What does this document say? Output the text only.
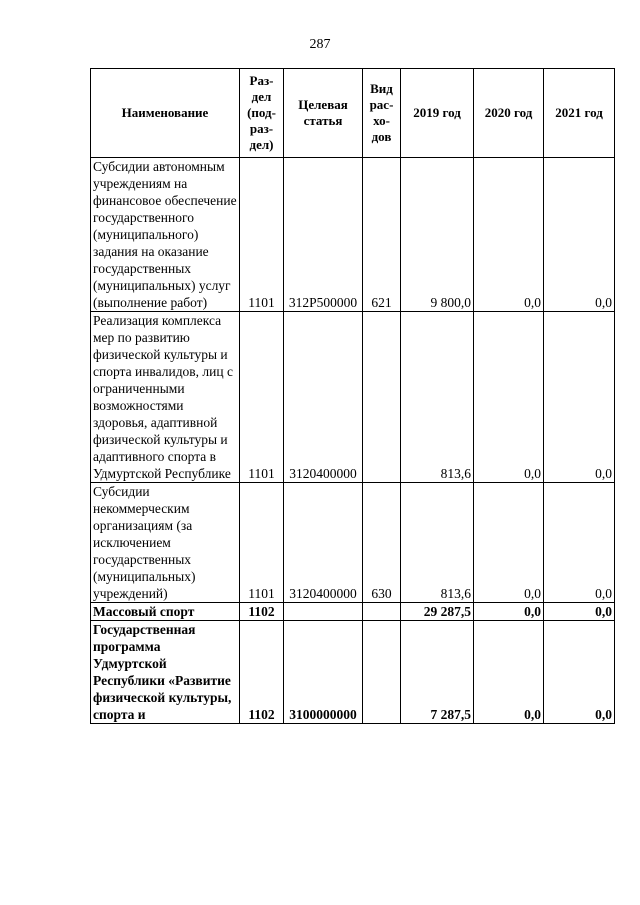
287
Наименование	Раз-
дел
(под-
раз-
дел)	Целевая
статья	Вид
рас-
хо-
дов	2019 год	2020 год	2021 год
Субсидии автономным учреждениям на финансовое обеспечение государственного (муниципального) задания на оказание государственных (муниципальных) услуг (выполнение работ)	1101	312P500000	621	9 800,0	0,0	0,0
Реализация комплекса мер по развитию физической культуры и спорта инвалидов, лиц с ограниченными возможностями здоровья, адаптивной физической культуры и адаптивного спорта в Удмуртской Республике	1101	3120400000		813,6	0,0	0,0
Субсидии некоммерческим организациям (за исключением государственных (муниципальных) учреждений)	1101	3120400000	630	813,6	0,0	0,0
Массовый спорт	1102			29 287,5	0,0	0,0
Государственная программа Удмуртской Республики «Развитие физической культуры, спорта и	1102	3100000000		7 287,5	0,0	0,0
